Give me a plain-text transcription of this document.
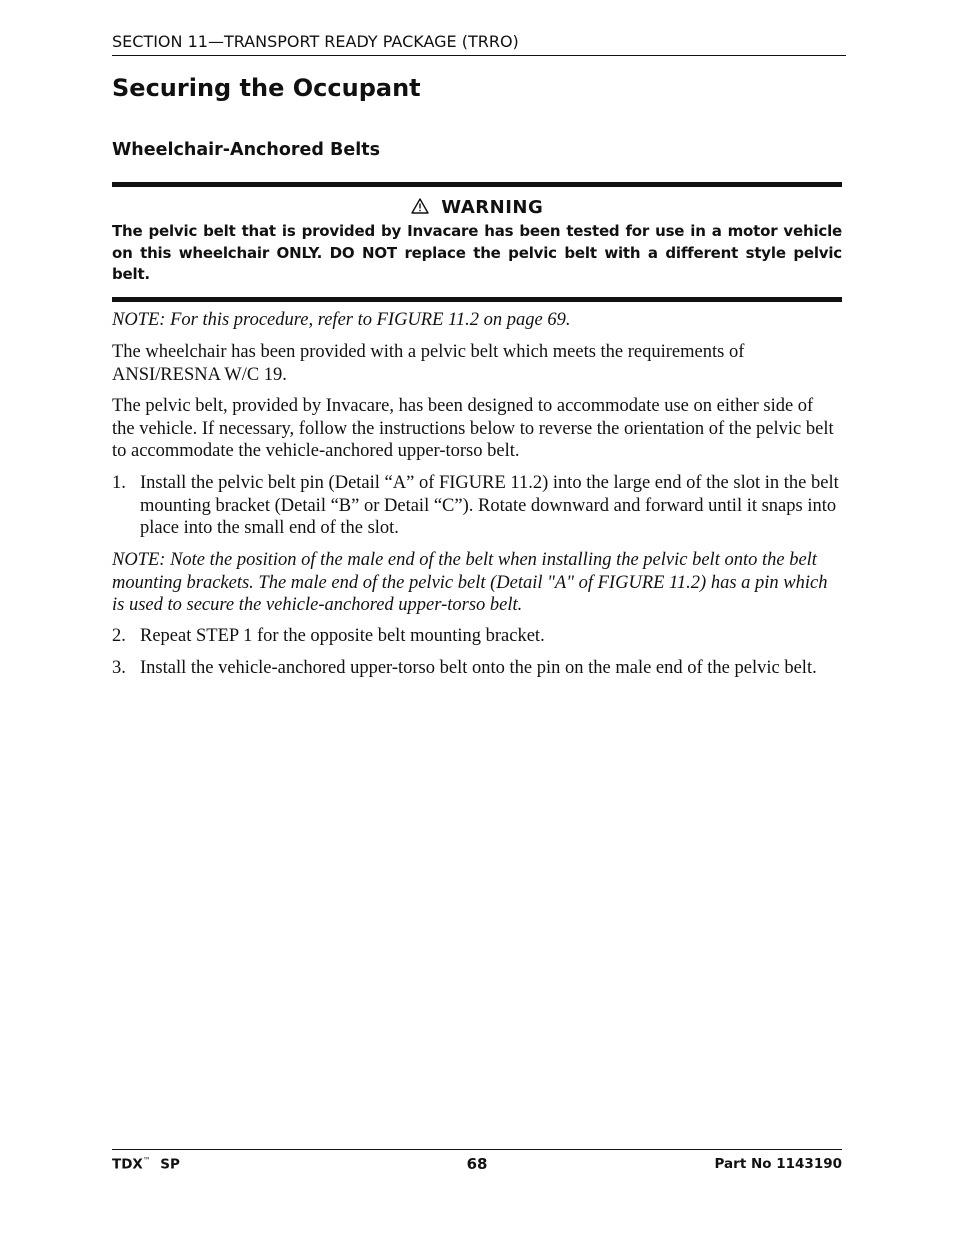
SECTION 11—TRANSPORT READY PACKAGE (TRRO)
Securing the Occupant
Wheelchair-Anchored Belts
WARNING
The pelvic belt that is provided by Invacare has been tested for use in a motor vehicle on this wheelchair ONLY. DO NOT replace the pelvic belt with a different style pelvic belt.

NOTE: For this procedure, refer to FIGURE 11.2 on page 69.

The wheelchair has been provided with a pelvic belt which meets the requirements of ANSI/RESNA W/C 19.

The pelvic belt, provided by Invacare, has been designed to accommodate use on either side of the vehicle. If necessary, follow the instructions below to reverse the orientation of the pelvic belt to accommodate the vehicle-anchored upper-torso belt.

1. Install the pelvic belt pin (Detail “A” of FIGURE 11.2) into the large end of the slot in the belt mounting bracket (Detail “B” or Detail “C”). Rotate downward and forward until it snaps into place into the small end of the slot.

NOTE: Note the position of the male end of the belt when installing the pelvic belt onto the belt mounting brackets. The male end of the pelvic belt (Detail "A" of FIGURE 11.2) has a pin which is used to secure the vehicle-anchored upper-torso belt.

2. Repeat STEP 1 for the opposite belt mounting bracket.
3. Install the vehicle-anchored upper-torso belt onto the pin on the male end of the pelvic belt.
TDX™ SP	68	Part No 1143190
